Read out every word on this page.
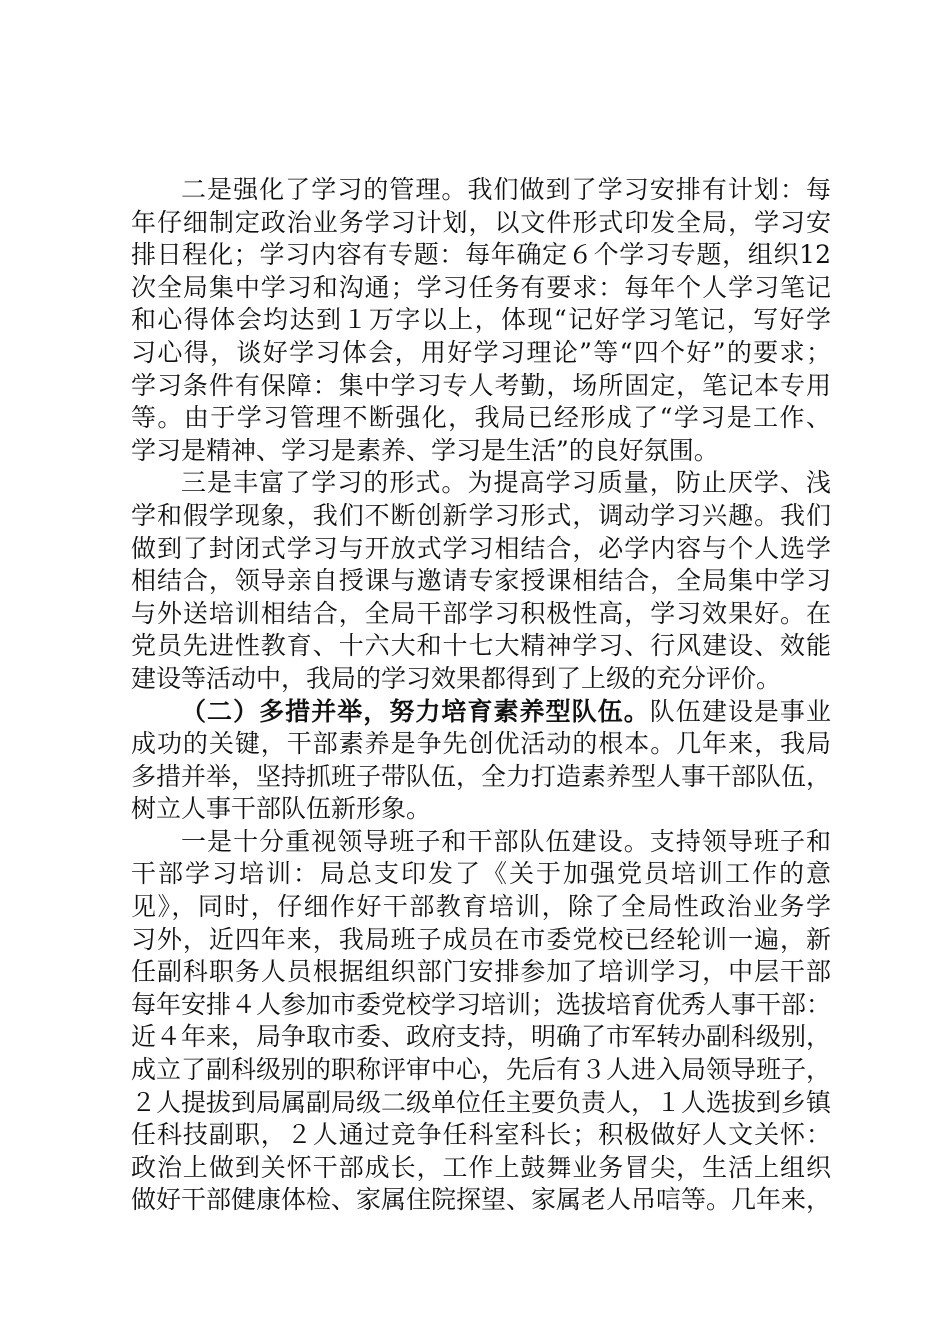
二是强化了学习的管理。我们做到了学习安排有计划：每
年仔细制定政治业务学习计划，以文件形式印发全局，学习安
排日程化；学习内容有专题：每年确定６个学习专题，组织12
次全局集中学习和沟通；学习任务有要求：每年个人学习笔记
和心得体会均达到１万字以上，体现“记好学习笔记，写好学
习心得，谈好学习体会，用好学习理论”等“四个好”的要求；
学习条件有保障：集中学习专人考勤，场所固定，笔记本专用
等。由于学习管理不断强化，我局已经形成了“学习是工作、
学习是精神、学习是素养、学习是生活”的良好氛围。
三是丰富了学习的形式。为提高学习质量，防止厌学、浅
学和假学现象，我们不断创新学习形式，调动学习兴趣。我们
做到了封闭式学习与开放式学习相结合，必学内容与个人选学
相结合，领导亲自授课与邀请专家授课相结合，全局集中学习
与外送培训相结合，全局干部学习积极性高，学习效果好。在
党员先进性教育、十六大和十七大精神学习、行风建设、效能
建设等活动中，我局的学习效果都得到了上级的充分评价。
（二）多措并举，努力培育素养型队伍。队伍建设是事业
成功的关键，干部素养是争先创优活动的根本。几年来，我局
多措并举，坚持抓班子带队伍，全力打造素养型人事干部队伍，
树立人事干部队伍新形象。
一是十分重视领导班子和干部队伍建设。支持领导班子和
干部学习培训：局总支印发了《关于加强党员培训工作的意
见》，同时，仔细作好干部教育培训，除了全局性政治业务学
习外，近四年来，我局班子成员在市委党校已经轮训一遍，新
任副科职务人员根据组织部门安排参加了培训学习，中层干部
每年安排４人参加市委党校学习培训；选拔培育优秀人事干部：
近４年来，局争取市委、政府支持，明确了市军转办副科级别，
成立了副科级别的职称评审中心，先后有３人进入局领导班子，
２人提拔到局属副局级二级单位任主要负责人，１人选拔到乡镇
任科技副职，２人通过竞争任科室科长；积极做好人文关怀：
政治上做到关怀干部成长，工作上鼓舞业务冒尖，生活上组织
做好干部健康体检、家属住院探望、家属老人吊唁等。几年来，
